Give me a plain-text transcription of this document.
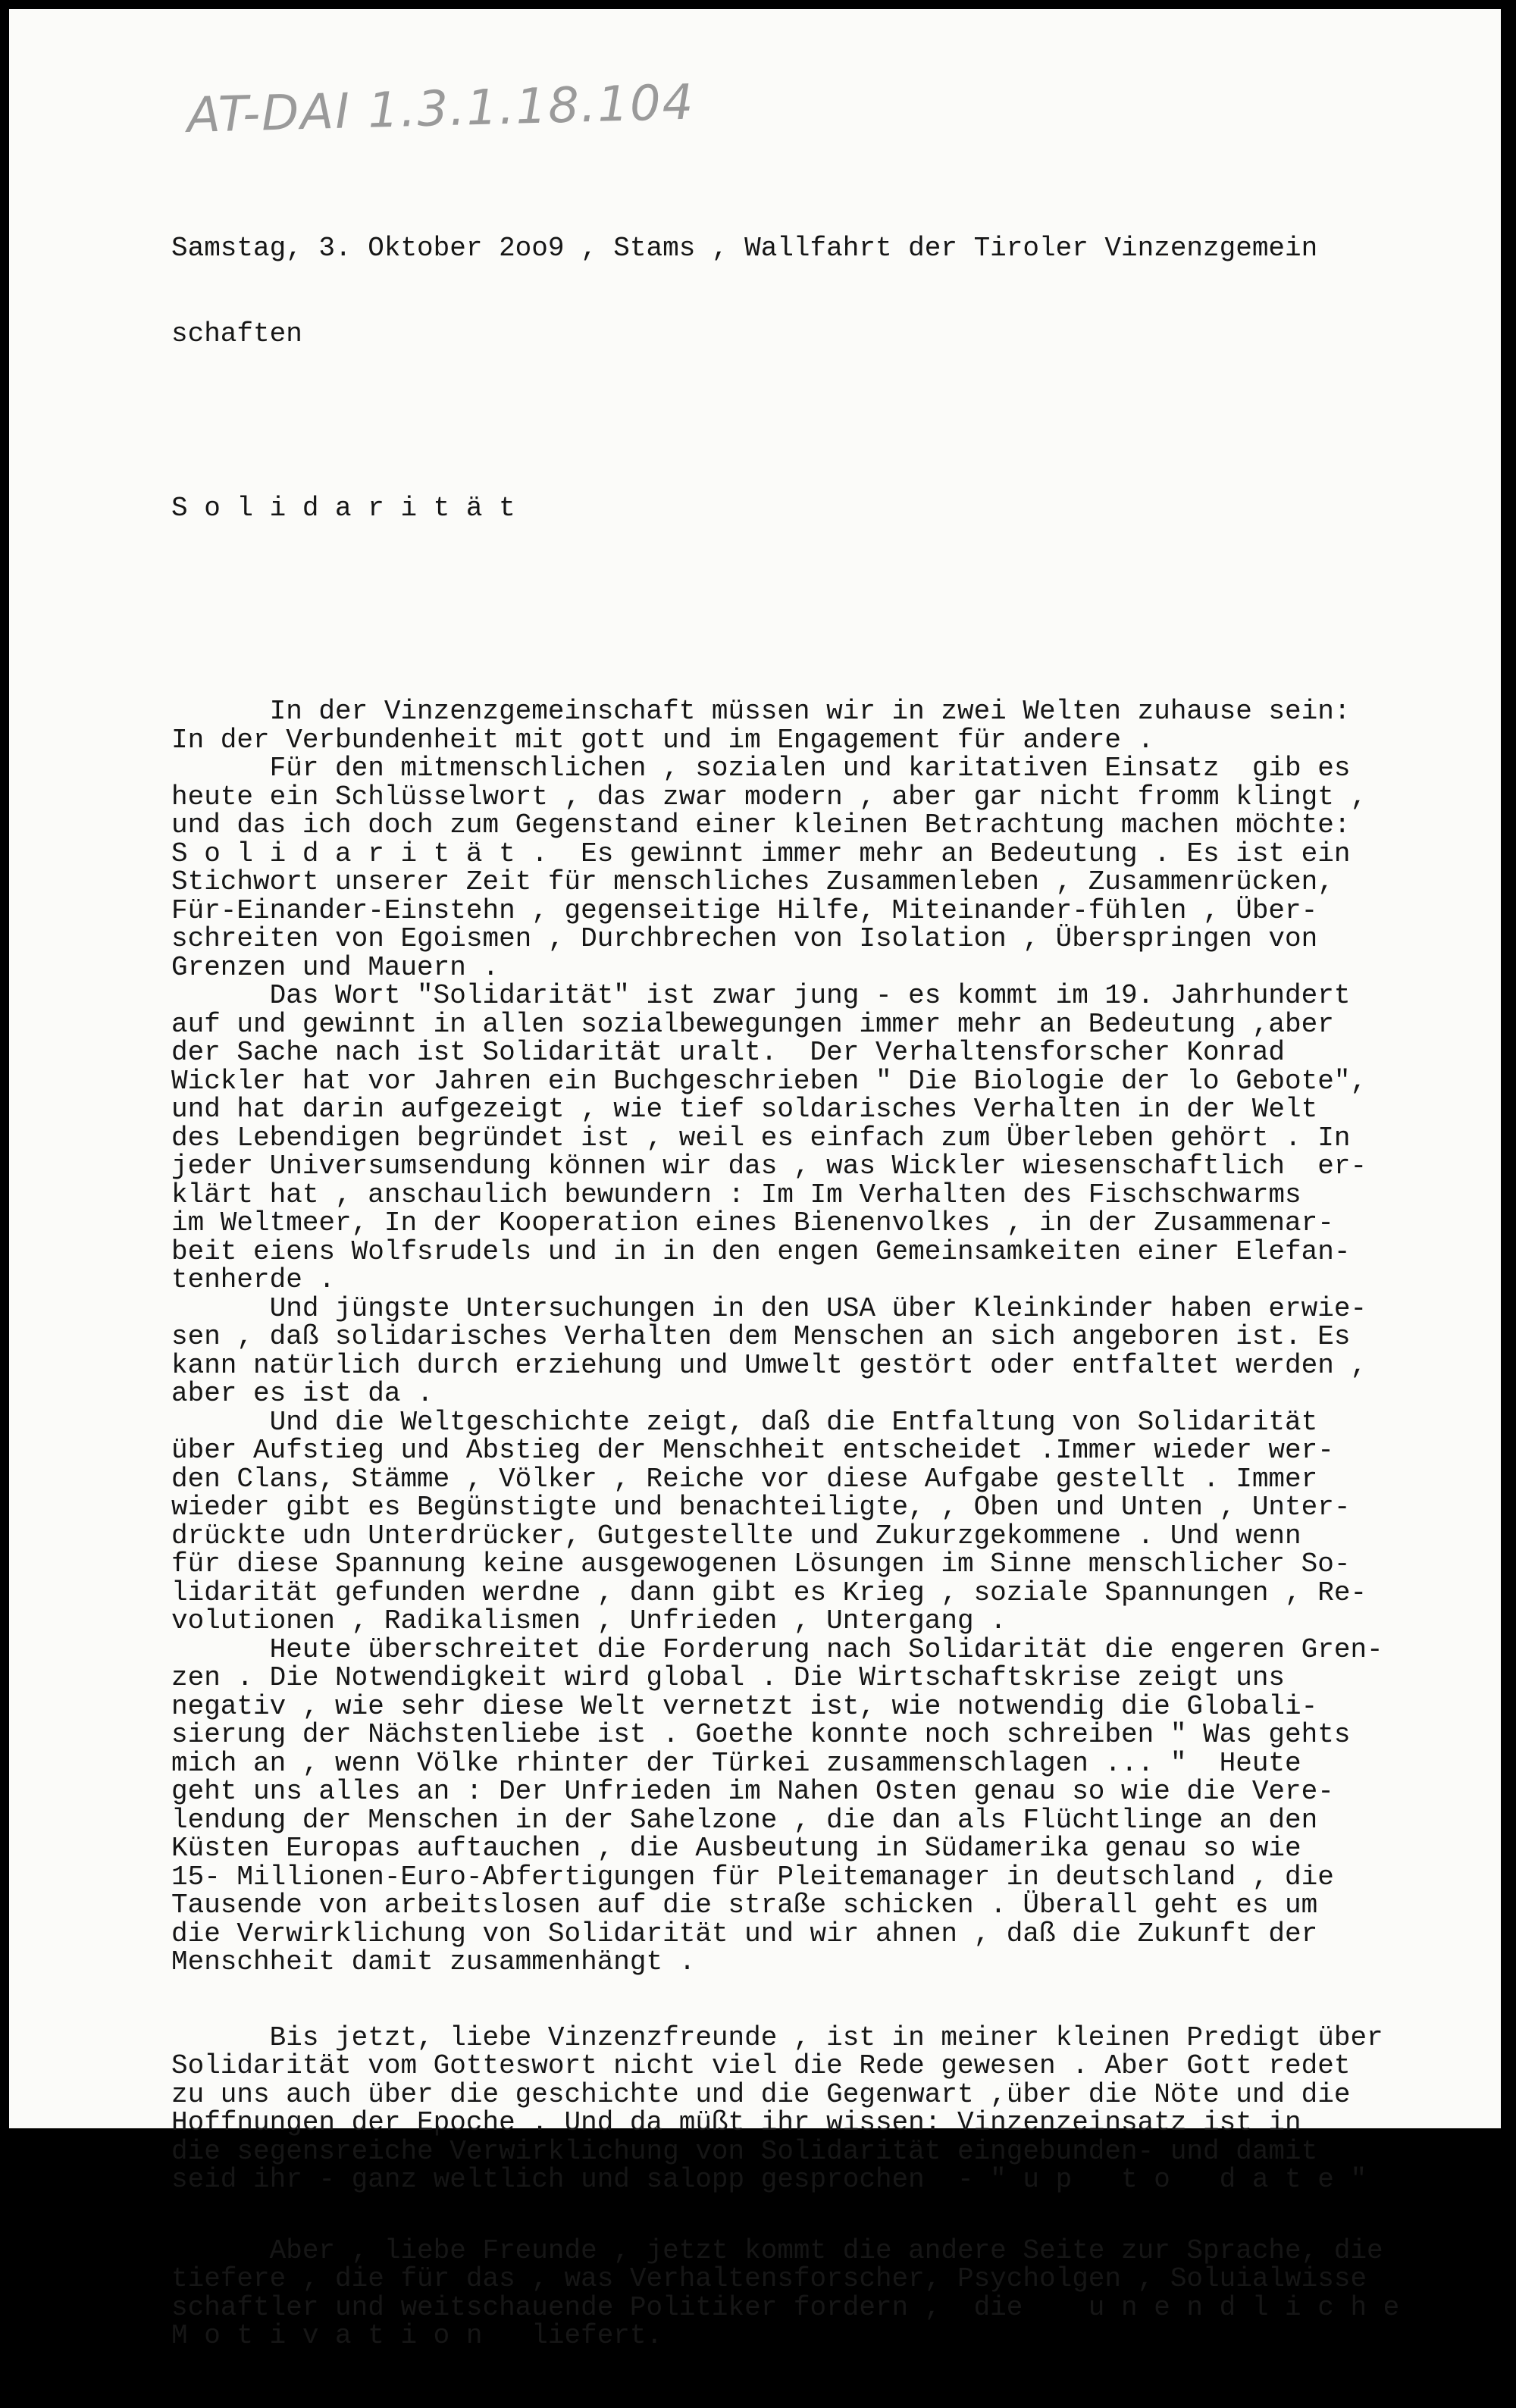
AT-DAI 1.3.1.18.104

Samstag, 3. Oktober 2oo9 , Stams , Wallfahrt der Tiroler Vinzenzgemein

schaften

S o l i d a r i t ä t

In der Vinzenzgemeinschaft müssen wir in zwei Welten zuhause sein:
In der Verbundenheit mit gott und im Engagement für andere .
Für den mitmenschlichen , sozialen und karitativen Einsatz  gib es
heute ein Schlüsselwort , das zwar modern , aber gar nicht fromm klingt ,
und das ich doch zum Gegenstand einer kleinen Betrachtung machen möchte:
S o l i d a r i t ä t .  Es gewinnt immer mehr an Bedeutung . Es ist ein
Stichwort unserer Zeit für menschliches Zusammenleben , Zusammenrücken,
Für-Einander-Einstehn , gegenseitige Hilfe, Miteinander-fühlen , Über-
schreiten von Egoismen , Durchbrechen von Isolation , Überspringen von
Grenzen und Mauern .
Das Wort "Solidarität" ist zwar jung - es kommt im 19. Jahrhundert
auf und gewinnt in allen sozialbewegungen immer mehr an Bedeutung ,aber
der Sache nach ist Solidarität uralt.  Der Verhaltensforscher Konrad
Wickler hat vor Jahren ein Buchgeschrieben " Die Biologie der lo Gebote",
und hat darin aufgezeigt , wie tief soldarisches Verhalten in der Welt
des Lebendigen begründet ist , weil es einfach zum Überleben gehört . In
jeder Universumsendung können wir das , was Wickler wiesenschaftlich  er-
klärt hat , anschaulich bewundern : Im Im Verhalten des Fischschwarms
im Weltmeer, In der Kooperation eines Bienenvolkes , in der Zusammenar-
beit eiens Wolfsrudels und in in den engen Gemeinsamkeiten einer Elefan-
tenherde .
Und jüngste Untersuchungen in den USA über Kleinkinder haben erwie-
sen , daß solidarisches Verhalten dem Menschen an sich angeboren ist. Es
kann natürlich durch erziehung und Umwelt gestört oder entfaltet werden ,
aber es ist da .
Und die Weltgeschichte zeigt, daß die Entfaltung von Solidarität
über Aufstieg und Abstieg der Menschheit entscheidet .Immer wieder wer-
den Clans, Stämme , Völker , Reiche vor diese Aufgabe gestellt . Immer
wieder gibt es Begünstigte und benachteiligte, , Oben und Unten , Unter-
drückte udn Unterdrücker, Gutgestellte und Zukurzgekommene . Und wenn
für diese Spannung keine ausgewogenen Lösungen im Sinne menschlicher So-
lidarität gefunden werdne , dann gibt es Krieg , soziale Spannungen , Re-
volutionen , Radikalismen , Unfrieden , Untergang .
Heute überschreitet die Forderung nach Solidarität die engeren Gren-
zen . Die Notwendigkeit wird global . Die Wirtschaftskrise zeigt uns
negativ , wie sehr diese Welt vernetzt ist, wie notwendig die Globali-
sierung der Nächstenliebe ist . Goethe konnte noch schreiben " Was gehts
mich an , wenn Völke rhinter der Türkei zusammenschlagen ... "  Heute
geht uns alles an : Der Unfrieden im Nahen Osten genau so wie die Vere-
lendung der Menschen in der Sahelzone , die dan als Flüchtlinge an den
Küsten Europas auftauchen , die Ausbeutung in Südamerika genau so wie
15- Millionen-Euro-Abfertigungen für Pleitemanager in deutschland , die
Tausende von arbeitslosen auf die straße schicken . Überall geht es um
die Verwirklichung von Solidarität und wir ahnen , daß die Zukunft der
Menschheit damit zusammenhängt .
Bis jetzt, liebe Vinzenzfreunde , ist in meiner kleinen Predigt über
Solidarität vom Gotteswort nicht viel die Rede gewesen . Aber Gott redet
zu uns auch über die geschichte und die Gegenwart ,über die Nöte und die
Hoffnungen der Epoche . Und da müßt ihr wissen: Vinzenzeinsatz ist in
die segensreiche Verwirklichung von Solidarität eingebunden- und damit
seid ihr - ganz weltlich und salopp gesprochen  - " u p   t o   d a t e "
Aber , liebe Freunde , jetzt kommt die andere Seite zur Sprache, die
tiefere , die für das , was Verhaltensforscher, Psycholgen , Soluialwisse
schaftler und weitschauende Politiker fordern ,  die    u n e n d l i c h e
M o t i v a t i o n   liefert.
